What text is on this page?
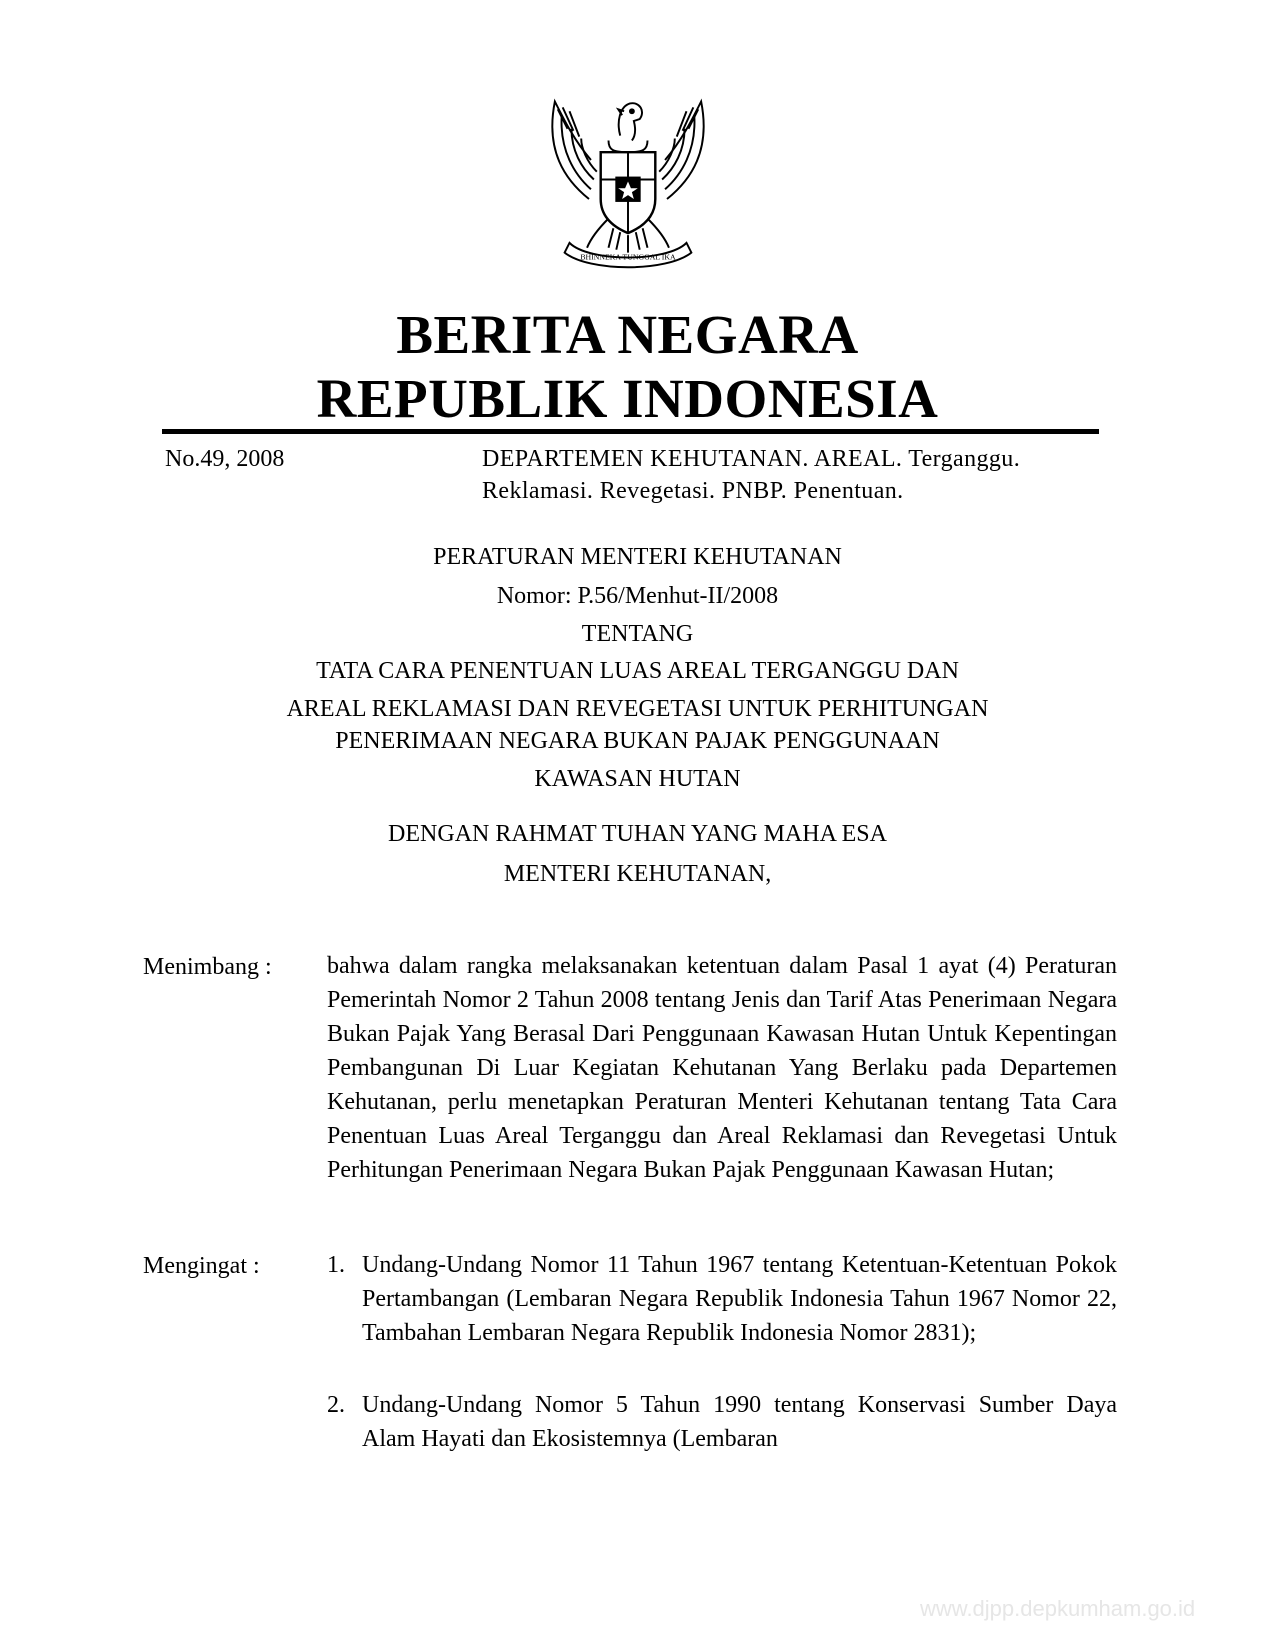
BHINNEKA TUNGGAL IKA
BERITA NEGARA
REPUBLIK INDONESIA
No.49, 2008	DEPARTEMEN KEHUTANAN. AREAL. Terganggu.
Reklamasi. Revegetasi. PNBP. Penentuan.
PERATURAN MENTERI KEHUTANAN
Nomor: P.56/Menhut-II/2008
TENTANG
TATA CARA PENENTUAN LUAS AREAL TERGANGGU DAN
AREAL REKLAMASI DAN REVEGETASI UNTUK PERHITUNGAN
PENERIMAAN NEGARA BUKAN PAJAK PENGGUNAAN
KAWASAN HUTAN
DENGAN RAHMAT TUHAN YANG MAHA ESA
MENTERI KEHUTANAN,
Menimbang : bahwa dalam rangka melaksanakan ketentuan dalam Pasal 1 ayat (4) Peraturan Pemerintah Nomor 2 Tahun 2008 tentang Jenis dan Tarif Atas Penerimaan Negara Bukan Pajak Yang Berasal Dari Penggunaan Kawasan Hutan Untuk Kepentingan Pembangunan Di Luar Kegiatan Kehutanan Yang Berlaku pada Departemen Kehutanan, perlu menetapkan Peraturan Menteri Kehutanan tentang Tata Cara Penentuan Luas Areal Terganggu dan Areal Reklamasi dan Revegetasi Untuk Perhitungan Penerimaan Negara Bukan Pajak Penggunaan Kawasan Hutan;
Mengingat :	1. Undang-Undang Nomor 11 Tahun 1967 tentang Ketentuan-Ketentuan Pokok Pertambangan (Lembaran Negara Republik Indonesia Tahun 1967 Nomor 22, Tambahan Lembaran Negara Republik Indonesia Nomor 2831);
2. Undang-Undang Nomor 5 Tahun 1990 tentang Konservasi Sumber Daya Alam Hayati dan Ekosistemnya (Lembaran
www.djpp.depkumham.go.id
